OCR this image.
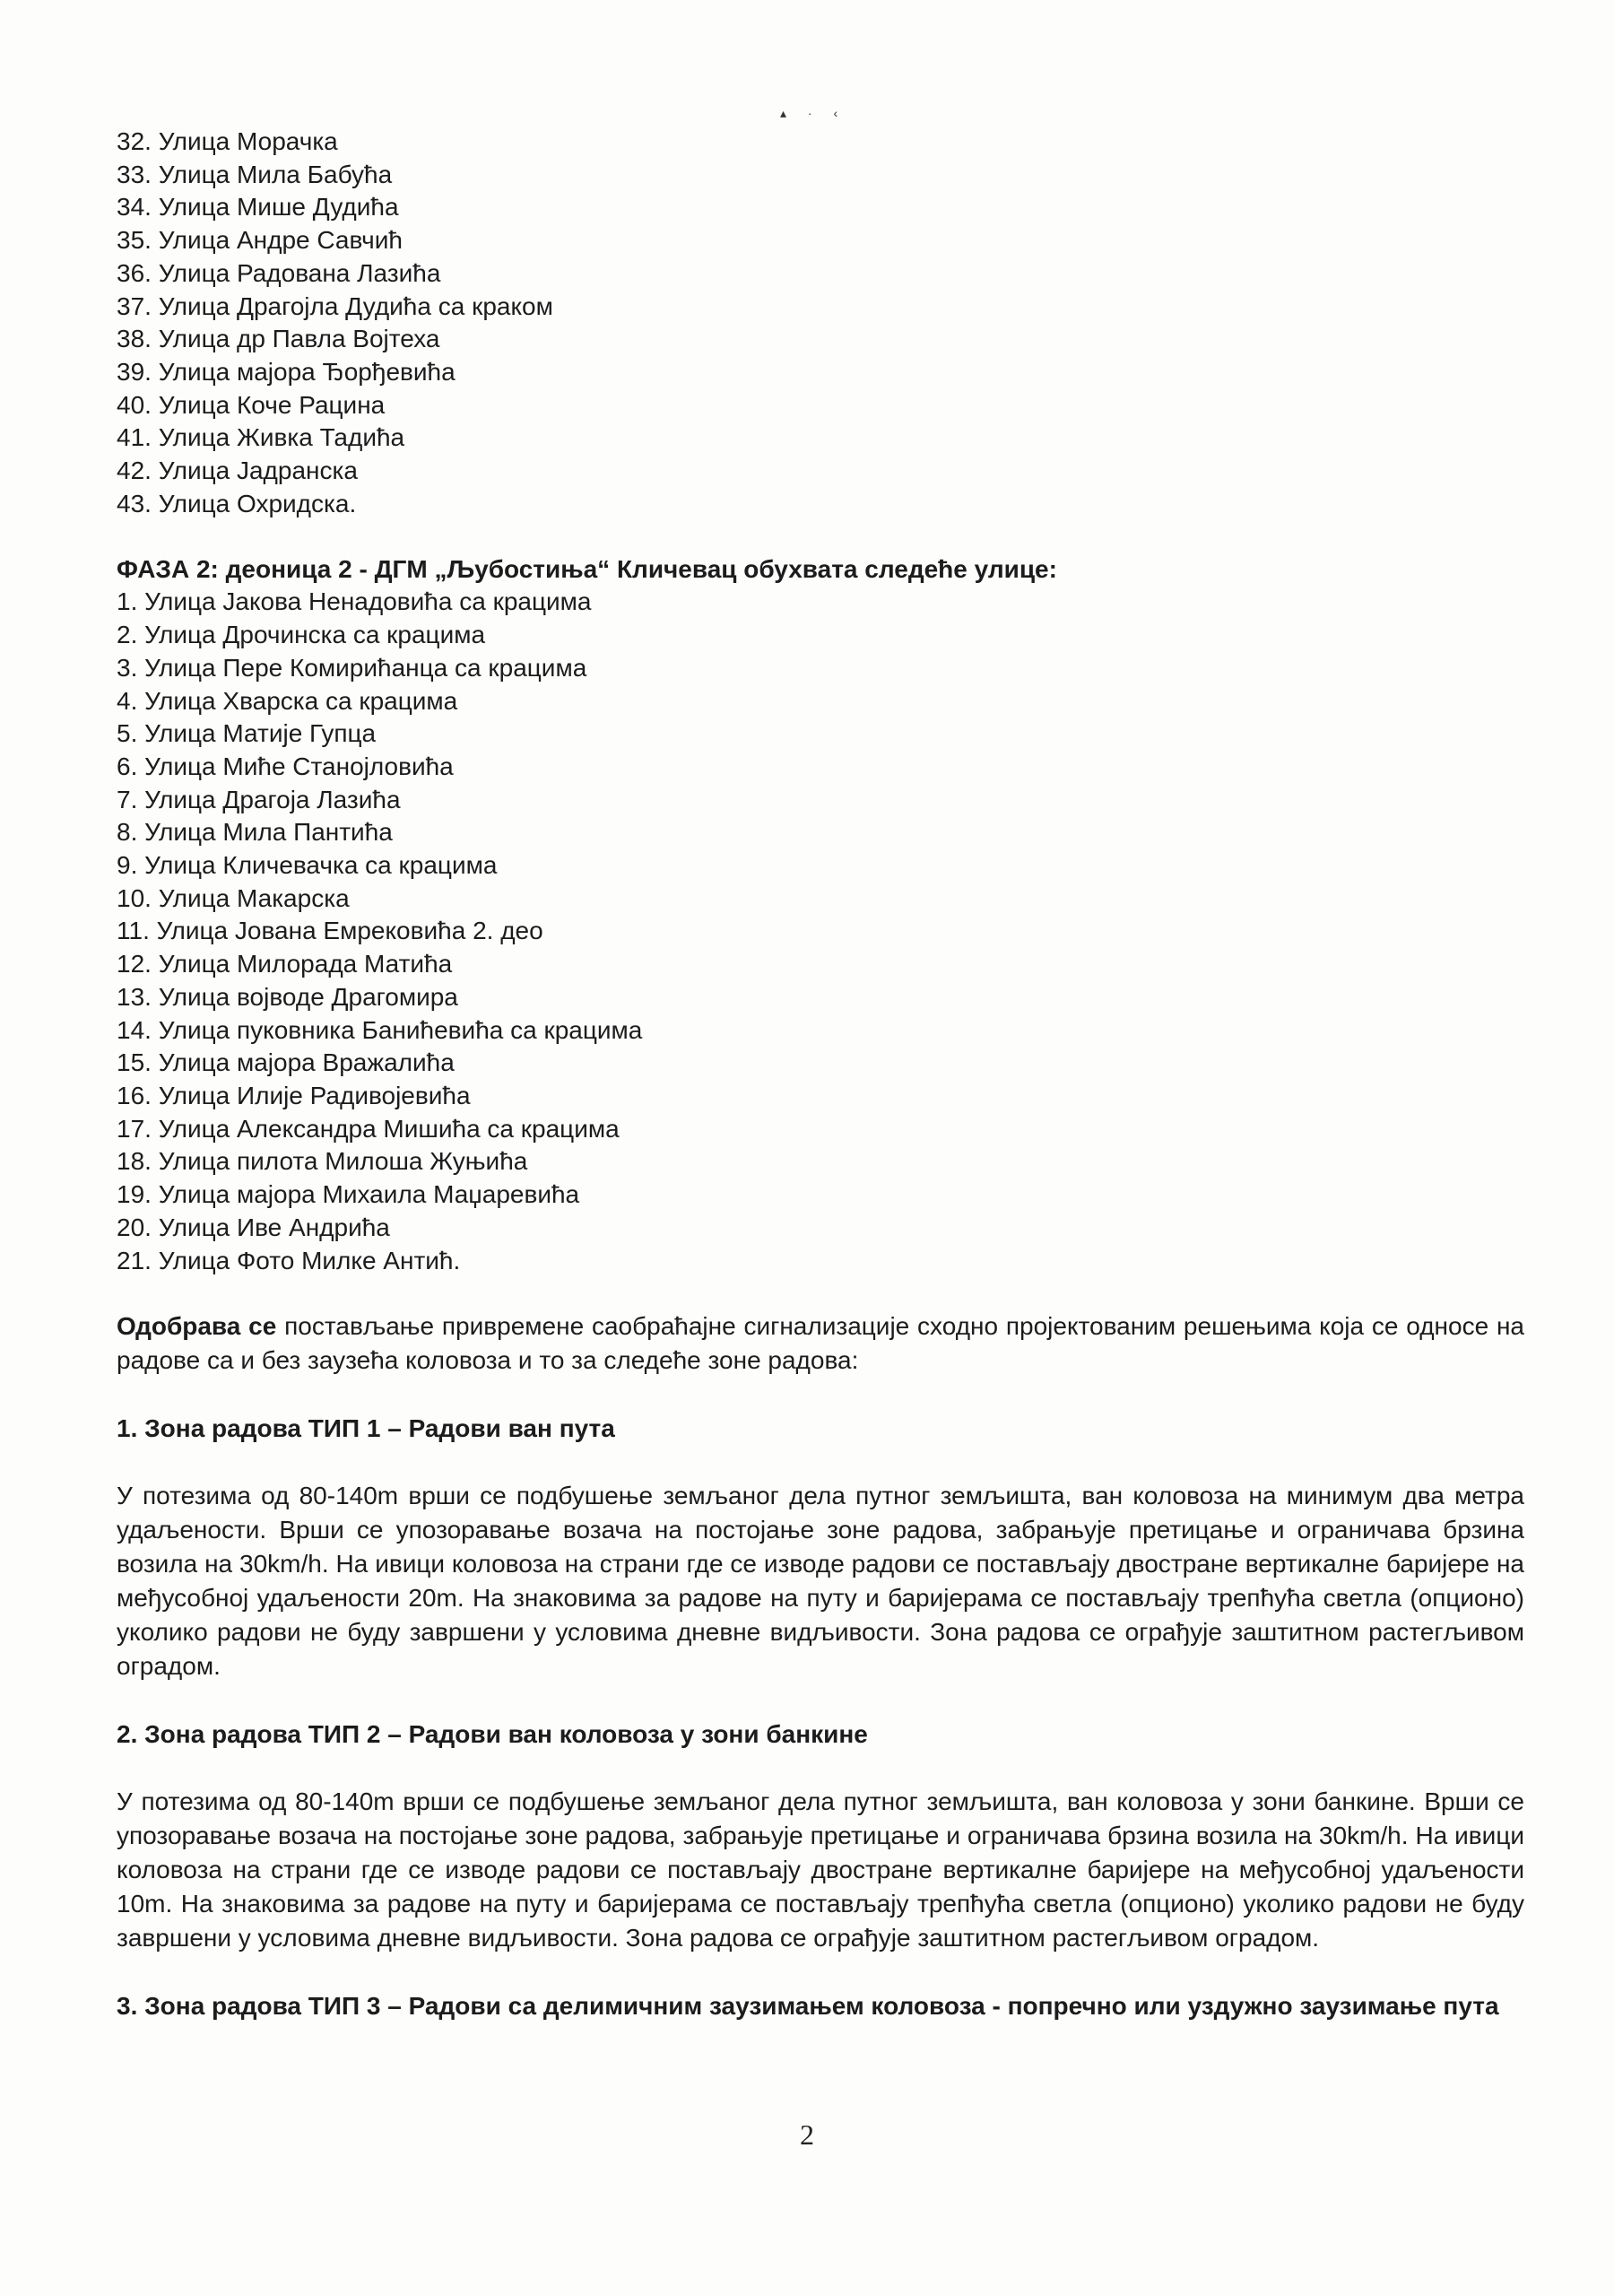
▴ · ‹
32. Улица Морачка
33. Улица Мила Бабућа
34. Улица Мише Дудића
35. Улица Андре Савчић
36. Улица Радована Лазића
37. Улица Драгојла Дудића са краком
38. Улица др Павла Војтеха
39. Улица мајора Ђорђевића
40. Улица Коче Рацина
41. Улица Живка Тадића
42. Улица Јадранска
43. Улица Охридска.
ФАЗА 2: деоница 2 - ДГМ „Љубостиња“ Кличевац обухвата следеће улице:
1. Улица Јакова Ненадовића са крацима
2. Улица Дрочинска са крацима
3. Улица Пере Комирићанца са крацима
4. Улица Хварска са крацима
5. Улица Матије Гупца
6. Улица Миће Станојловића
7. Улица Драгоја Лазића
8. Улица Мила Пантића
9. Улица Кличевачка са крацима
10. Улица Макарска
11. Улица Јована Емрековића 2. део
12. Улица Милорада Матића
13. Улица војводе Драгомира
14. Улица пуковника Банићевића са крацима
15. Улица мајора Вражалића
16. Улица Илије Радивојевића
17. Улица Александра Мишића са крацима
18. Улица пилота Милоша Жуњића
19. Улица мајора Михаила Маџаревића
20. Улица Иве Андрића
21. Улица Фото Милке Антић.

Одобрава се постављање привремене саобраћајне сигнализације сходно пројектованим решењима која се односе на радове са и без заузећа коловоза и то за следеће зоне радова:

1. Зона радова ТИП 1 – Радови ван пута

У потезима од 80-140m врши се подбушење земљаног дела путног земљишта, ван коловоза на минимум два метра удаљености. Врши се упозоравање возача на постојање зоне радова, забрањује претицање и ограничава брзина возила на 30km/h. На ивици коловоза на страни где се изводе радови се постављају двостране вертикалне баријере на међусобној удаљености 20m. На знаковима за радове на путу и баријерама се постављају трепћућа светла (опционо) уколико радови не буду завршени у условима дневне видљивости. Зона радова се ограђује заштитном растегљивом оградом.

2. Зона радова ТИП 2 – Радови ван коловоза у зони банкине

У потезима од 80-140m врши се подбушење земљаног дела путног земљишта, ван коловоза у зони банкине. Врши се упозоравање возача на постојање зоне радова, забрањује претицање и ограничава брзина возила на 30km/h. На ивици коловоза на страни где се изводе радови се постављају двостране вертикалне баријере на међусобној удаљености 10m. На знаковима за радове на путу и баријерама се постављају трепћућа светла (опционо) уколико радови не буду завршени у условима дневне видљивости. Зона радова се ограђује заштитном растегљивом оградом.

3. Зона радова ТИП 3 – Радови са делимичним заузимањем коловоза - попречно или уздужно заузимање пута
2
